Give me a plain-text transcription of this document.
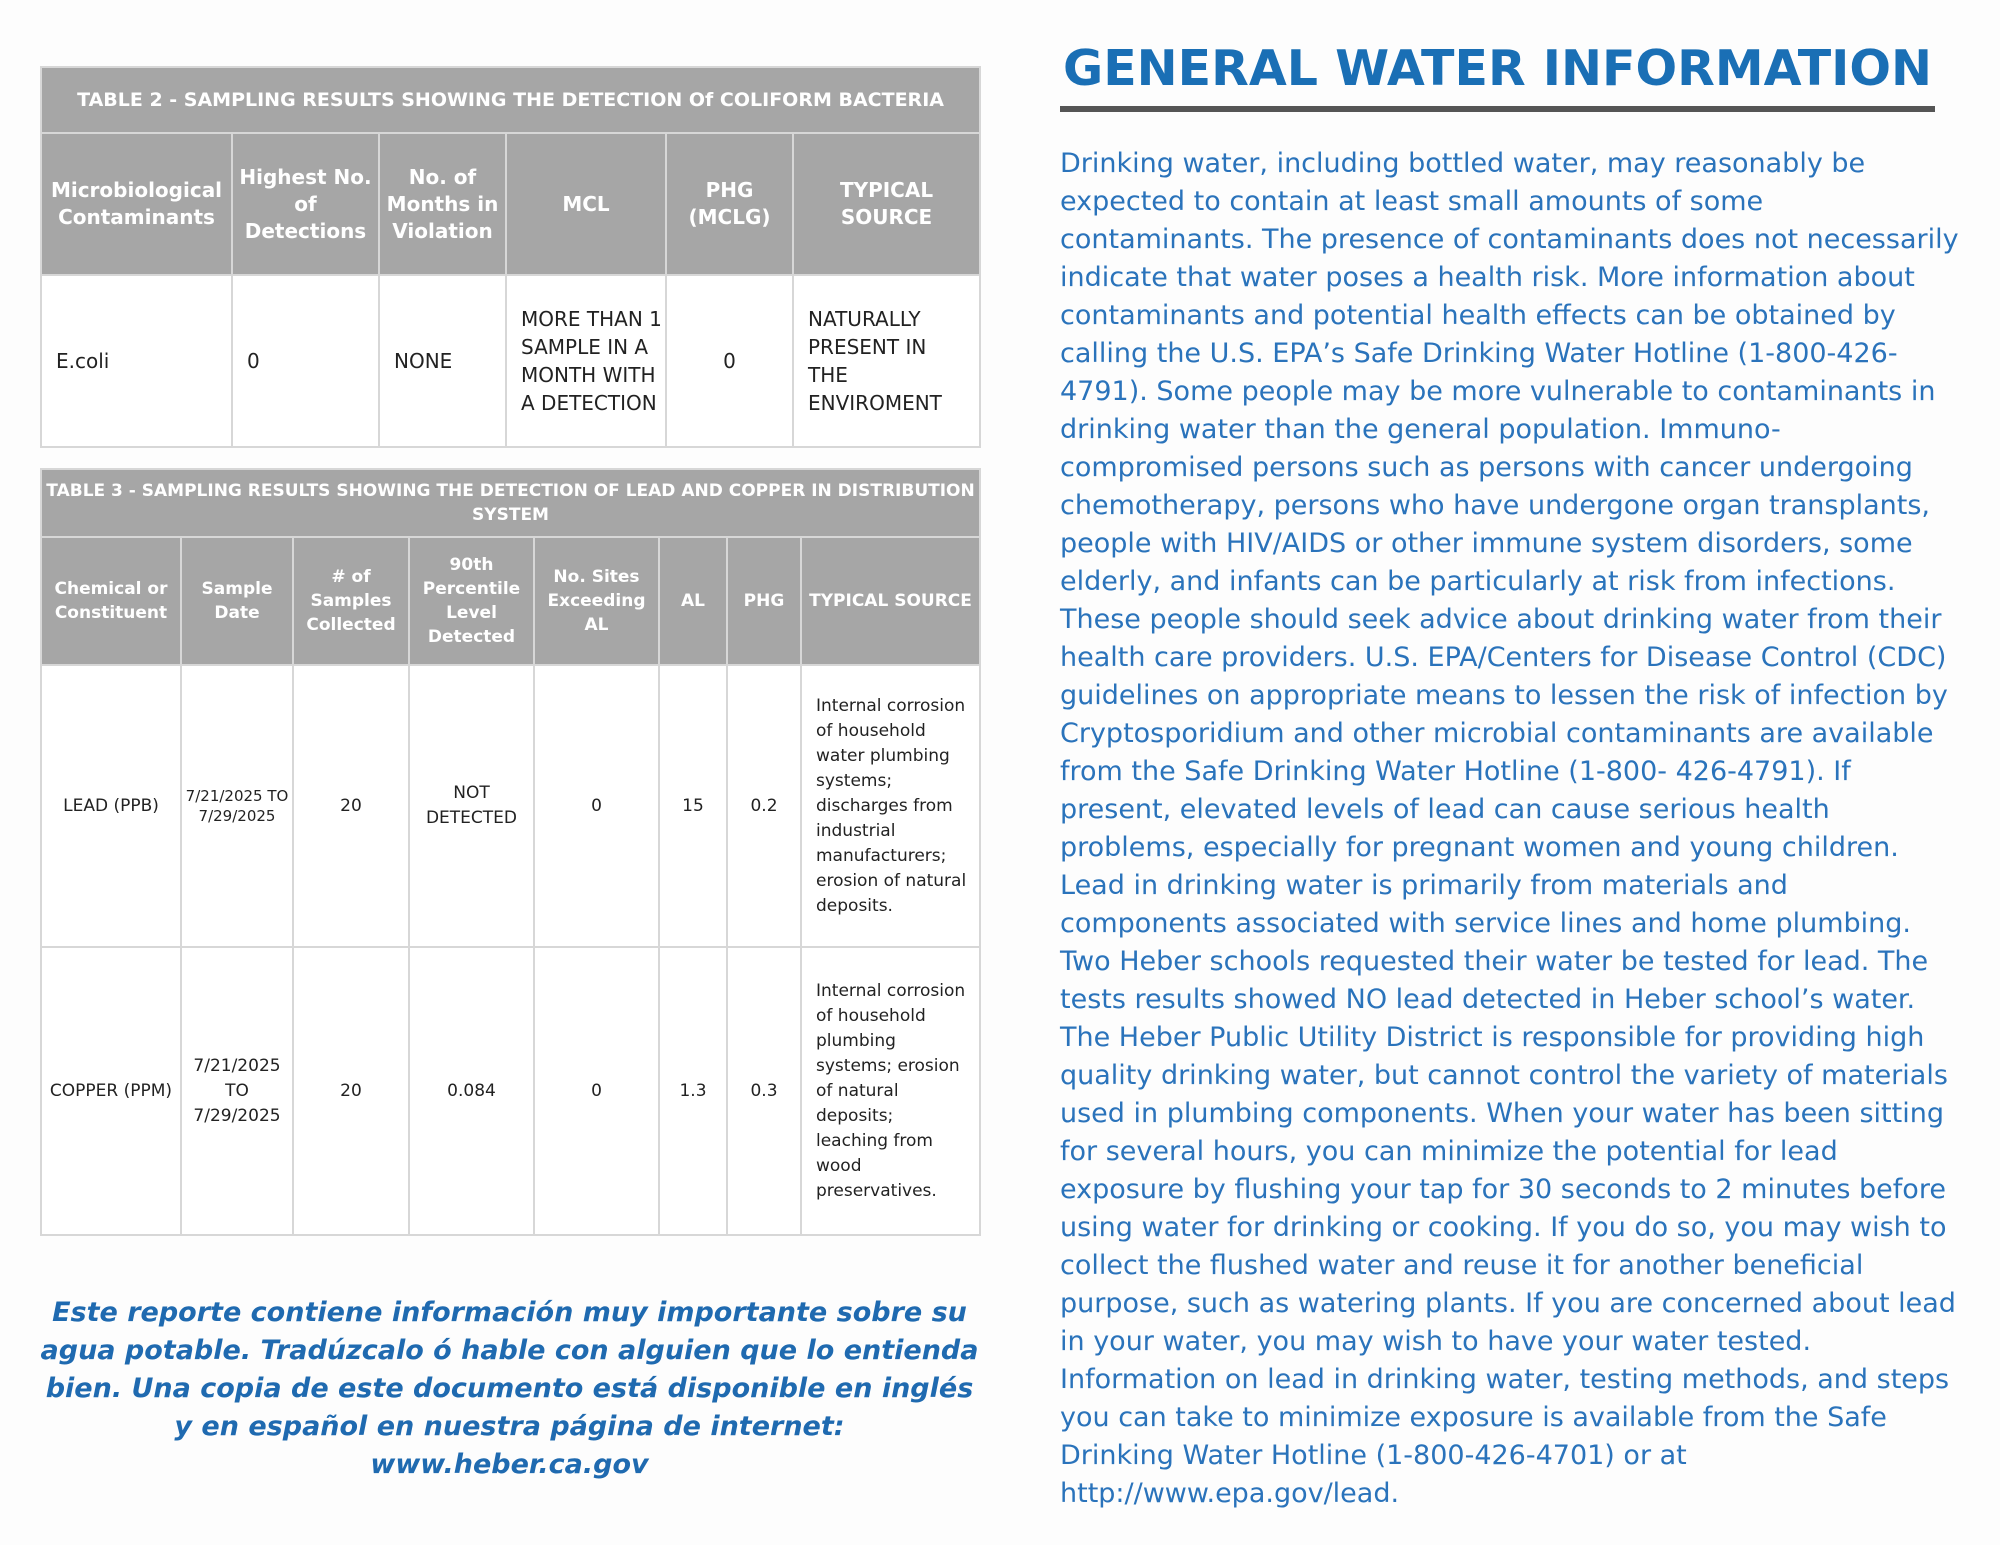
TABLE 2 - SAMPLING RESULTS SHOWING THE DETECTION Of COLIFORM BACTERIA					
Microbiological Contaminants	Highest No. of Detections	No. of Months in Violation	MCL	PHG (MCLG)	TYPICAL SOURCE
E.coli	0	NONE	MORE THAN 1 SAMPLE IN A MONTH WITH A DETECTION	0	NATURALLY PRESENT IN THE ENVIROMENT
TABLE 3 - SAMPLING RESULTS SHOWING THE DETECTION OF LEAD AND COPPER IN DISTRIBUTION SYSTEM							
Chemical or Constituent	Sample Date	# of Samples Collected	90th Percentile Level Detected	No. Sites Exceeding AL	AL	PHG	TYPICAL SOURCE
LEAD (PPB)	7/21/2025 TO 7/29/2025	20	NOT DETECTED	0	15	0.2	Internal corrosion of household water plumbing systems; discharges from industrial manufacturers; erosion of natural deposits.
COPPER (PPM)	7/21/2025 TO 7/29/2025	20	0.084	0	1.3	0.3	Internal corrosion of household plumbing systems; erosion of natural deposits; leaching from wood preservatives.
Este reporte contiene información muy importante sobre su agua potable. Tradúzcalo ó hable con alguien que lo entienda bien. Una copia de este documento está disponible en inglés y en español en nuestra página de internet: www.heber.ca.gov
GENERAL WATER INFORMATION

Drinking water, including bottled water, may reasonably be expected to contain at least small amounts of some contaminants. The presence of contaminants does not necessarily indicate that water poses a health risk. More information about contaminants and potential health effects can be obtained by calling the U.S. EPA’s Safe Drinking Water Hotline (1-800-426-4791). Some people may be more vulnerable to contaminants in drinking water than the general population. Immuno-compromised persons such as persons with cancer undergoing chemotherapy, persons who have undergone organ transplants, people with HIV/AIDS or other immune system disorders, some elderly, and infants can be particularly at risk from infections. These people should seek advice about drinking water from their health care providers. U.S. EPA/Centers for Disease Control (CDC) guidelines on appropriate means to lessen the risk of infection by Cryptosporidium and other microbial contaminants are available from the Safe Drinking Water Hotline (1-800- 426-4791). If present, elevated levels of lead can cause serious health problems, especially for pregnant women and young children. Lead in drinking water is primarily from materials and components associated with service lines and home plumbing. Two Heber schools requested their water be tested for lead. The tests results showed NO lead detected in Heber school’s water.

The Heber Public Utility District is responsible for providing high quality drinking water, but cannot control the variety of materials used in plumbing components. When your water has been sitting for several hours, you can minimize the potential for lead exposure by flushing your tap for 30 seconds to 2 minutes before using water for drinking or cooking. If you do so, you may wish to collect the flushed water and reuse it for another beneficial purpose, such as watering plants. If you are concerned about lead in your water, you may wish to have your water tested. Information on lead in drinking water, testing methods, and steps you can take to minimize exposure is available from the Safe Drinking Water Hotline (1-800-426-4701) or at http://www.epa.gov/lead.
